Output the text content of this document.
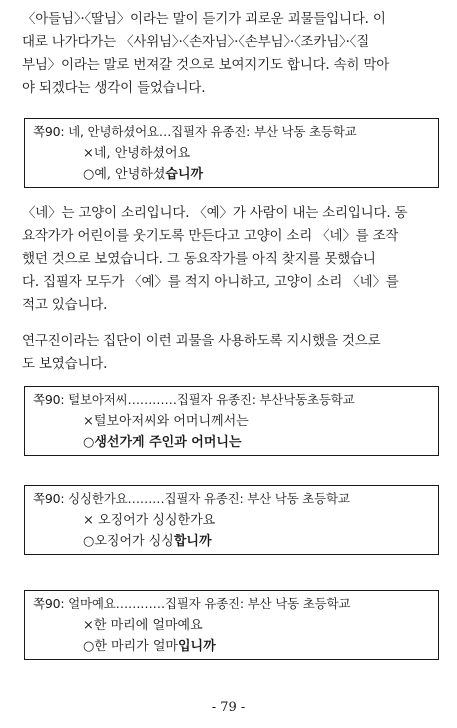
〈아들님〉·〈딸님〉이라는 말이 듣기가 괴로운 괴물들입니다. 이
대로 나가다가는 〈사위님〉·〈손자님〉·〈손부님〉·〈조카님〉·〈질
부님〉이라는 말로 번져갈 것으로 보여지기도 합니다. 속히 막아
야 되겠다는 생각이 들었습니다.
쪽90: 네, 안녕하셨어요…집필자 유종진: 부산 낙동 초등학교
×네, 안녕하셨어요
○예, 안녕하셨습니까
〈네〉는 고양이 소리입니다. 〈예〉가 사람이 내는 소리입니다. 동
요작가가 어린이를 웃기도록 만든다고 고양이 소리 〈네〉를 조작
했던 것으로 보였습니다. 그 동요작가를 아직 찾지를 못했습니
다. 집필자 모두가 〈예〉를 적지 아니하고, 고양이 소리 〈네〉를
적고 있습니다.
연구진이라는 집단이 이런 괴물을 사용하도록 지시했을 것으로
도 보였습니다.
쪽90: 털보아저씨…………집필자 유종진: 부산낙동초등학교
×털보아저씨와 어머니께서는
○생선가게 주인과 어머니는
쪽90: 싱싱한가요………집필자 유종진: 부산 낙동 초등학교
× 오징어가 싱싱한가요
○오징어가 싱싱합니까
쪽90: 얼마예요…………집필자 유종진: 부산 낙동 초등학교
×한 마리에 얼마예요
○한 마리가 얼마입니까
- 79 -
